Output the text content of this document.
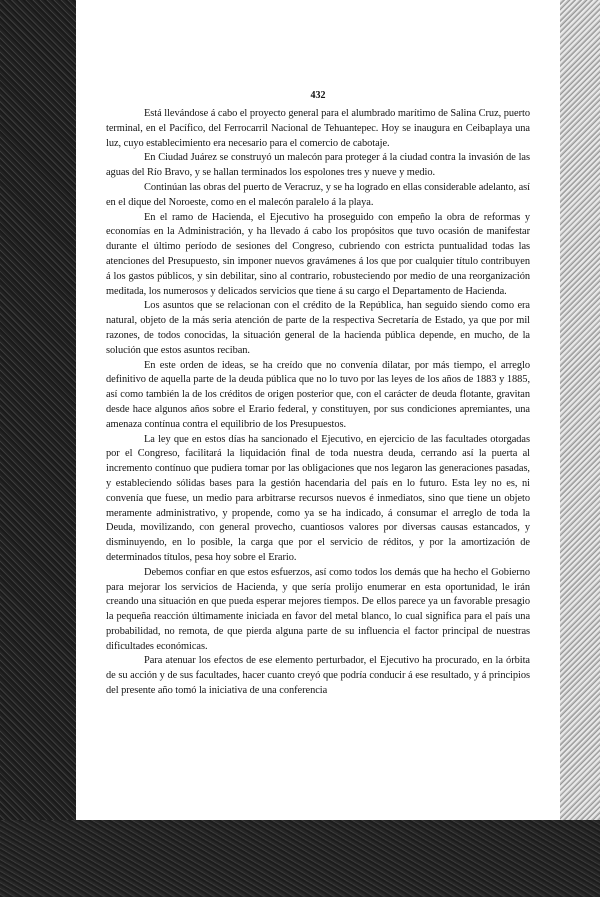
432

Está llevándose á cabo el proyecto general para el alumbrado marítimo de Salina Cruz, puerto terminal, en el Pacífico, del Ferrocarril Nacional de Tehuantepec. Hoy se inaugura en Ceibaplaya una luz, cuyo establecimiento era necesario para el comercio de cabotaje.

En Ciudad Juárez se construyó un malecón para proteger á la ciudad contra la invasión de las aguas del Río Bravo, y se hallan terminados los espolones tres y nueve y medio.

Continúan las obras del puerto de Veracruz, y se ha logrado en ellas considerable adelanto, así en el dique del Noroeste, como en el malecón paralelo á la playa.

En el ramo de Hacienda, el Ejecutivo ha proseguido con empeño la obra de reformas y economías en la Administración, y ha llevado á cabo los propósitos que tuvo ocasión de manifestar durante el último período de sesiones del Congreso, cubriendo con estricta puntualidad todas las atenciones del Presupuesto, sin imponer nuevos gravámenes á los que por cualquier título contribuyen á los gastos públicos, y sin debilitar, sino al contrario, robusteciendo por medio de una reorganización meditada, los numerosos y delicados servicios que tiene á su cargo el Departamento de Hacienda.

Los asuntos que se relacionan con el crédito de la República, han seguido siendo como era natural, objeto de la más seria atención de parte de la respectiva Secretaría de Estado, ya que por mil razones, de todos conocidas, la situación general de la hacienda pública depende, en mucho, de la solución que estos asuntos reciban.

En este orden de ideas, se ha creído que no convenía dilatar, por más tiempo, el arreglo definitivo de aquella parte de la deuda pública que no lo tuvo por las leyes de los años de 1883 y 1885, así como también la de los créditos de origen posterior que, con el carácter de deuda flotante, gravitan desde hace algunos años sobre el Erario federal, y constituyen, por sus condiciones apremiantes, una amenaza contínua contra el equilibrio de los Presupuestos.

La ley que en estos días ha sancionado el Ejecutivo, en ejercicio de las facultades otorgadas por el Congreso, facilitará la liquidación final de toda nuestra deuda, cerrando así la puerta al incremento contínuo que pudiera tomar por las obligaciones que nos legaron las generaciones pasadas, y estableciendo sólidas bases para la gestión hacendaria del país en lo futuro. Esta ley no es, ni convenía que fuese, un medio para arbitrarse recursos nuevos é inmediatos, sino que tiene un objeto meramente administrativo, y propende, como ya se ha indicado, á consumar el arreglo de toda la Deuda, movilizando, con general provecho, cuantiosos valores por diversas causas estancados, y disminuyendo, en lo posible, la carga que por el servicio de réditos, y por la amortización de determinados títulos, pesa hoy sobre el Erario.

Debemos confiar en que estos esfuerzos, así como todos los demás que ha hecho el Gobierno para mejorar los servicios de Hacienda, y que sería prolijo enumerar en esta oportunidad, le irán creando una situación en que pueda esperar mejores tiempos. De ellos parece ya un favorable presagio la pequeña reacción últimamente iniciada en favor del metal blanco, lo cual significa para el país una probabilidad, no remota, de que pierda alguna parte de su influencia el factor principal de nuestras dificultades económicas.

Para atenuar los efectos de ese elemento perturbador, el Ejecutivo ha procurado, en la órbita de su acción y de sus facultades, hacer cuanto creyó que podría conducir á ese resultado, y á principios del presente año tomó la iniciativa de una conferencia
